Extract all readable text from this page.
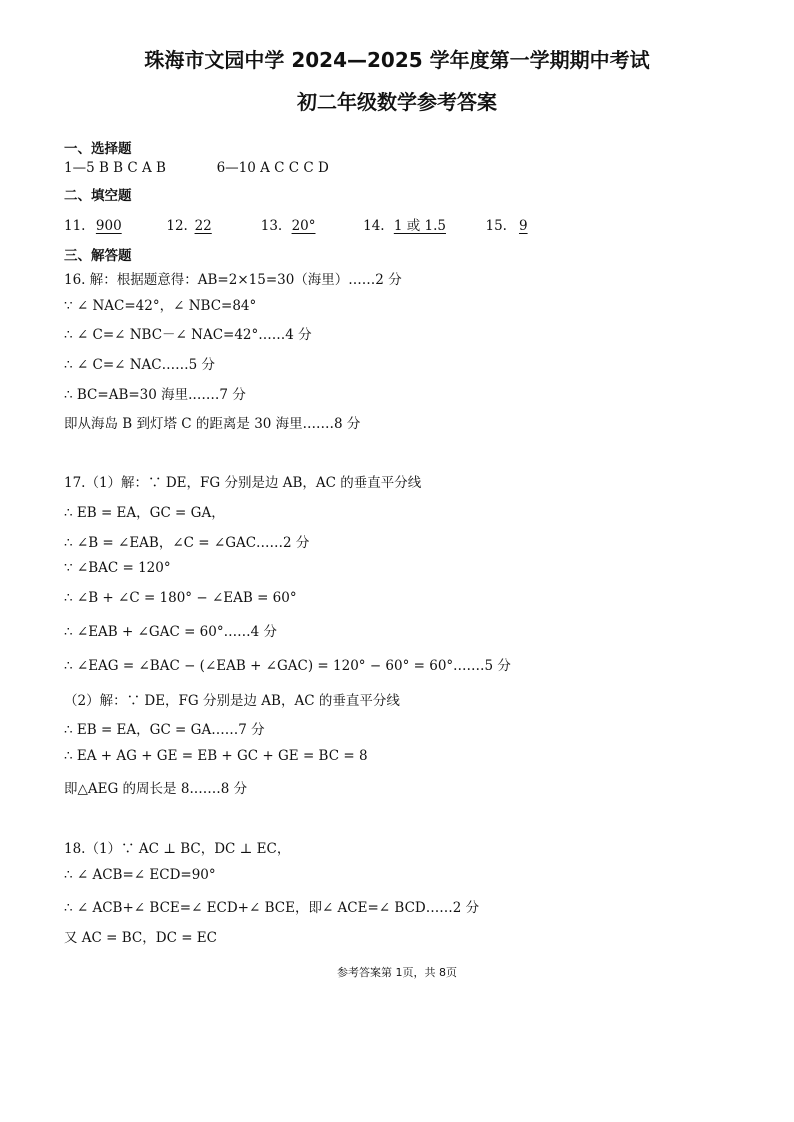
珠海市文园中学 2024—2025 学年度第一学期期中考试
初二年级数学参考答案
一、选择题
1—5 B B C A B	6—10 A C C C D
二、填空题
11. 900	12. 22	13. 20°	14. 1 或 1.5	15. 9
三、解答题
16. 解：根据题意得：AB=2×15=30（海里）……2 分
∵ ∠ NAC=42°，∠ NBC=84°
∴ ∠ C=∠ NBC－∠ NAC=42°……4 分
∴ ∠ C=∠ NAC……5 分
∴ BC=AB=30 海里.……7 分
即从海岛 B 到灯塔 C 的距离是 30 海里.……8 分
17.（1）解：∵ DE，FG 分别是边 AB，AC 的垂直平分线
∴ EB = EA，GC = GA，
∴ ∠B = ∠EAB，∠C = ∠GAC……2 分
∵ ∠BAC = 120°
∴ ∠B + ∠C = 180° − ∠EAB = 60°
∴ ∠EAB + ∠GAC = 60°……4 分
∴ ∠EAG = ∠BAC − (∠EAB + ∠GAC) = 120° − 60° = 60°.……5 分
（2）解：∵ DE，FG 分别是边 AB，AC 的垂直平分线
∴ EB = EA，GC = GA……7 分
∴ EA + AG + GE = EB + GC + GE = BC = 8
即△AEG 的周长是 8.……8 分
18.（1）∵ AC ⊥ BC，DC ⊥ EC，
∴ ∠ ACB=∠ ECD=90°
∴ ∠ ACB+∠ BCE=∠ ECD+∠ BCE，即∠ ACE=∠ BCD……2 分
又 AC = BC，DC = EC
参考答案第 1页，共 8页
